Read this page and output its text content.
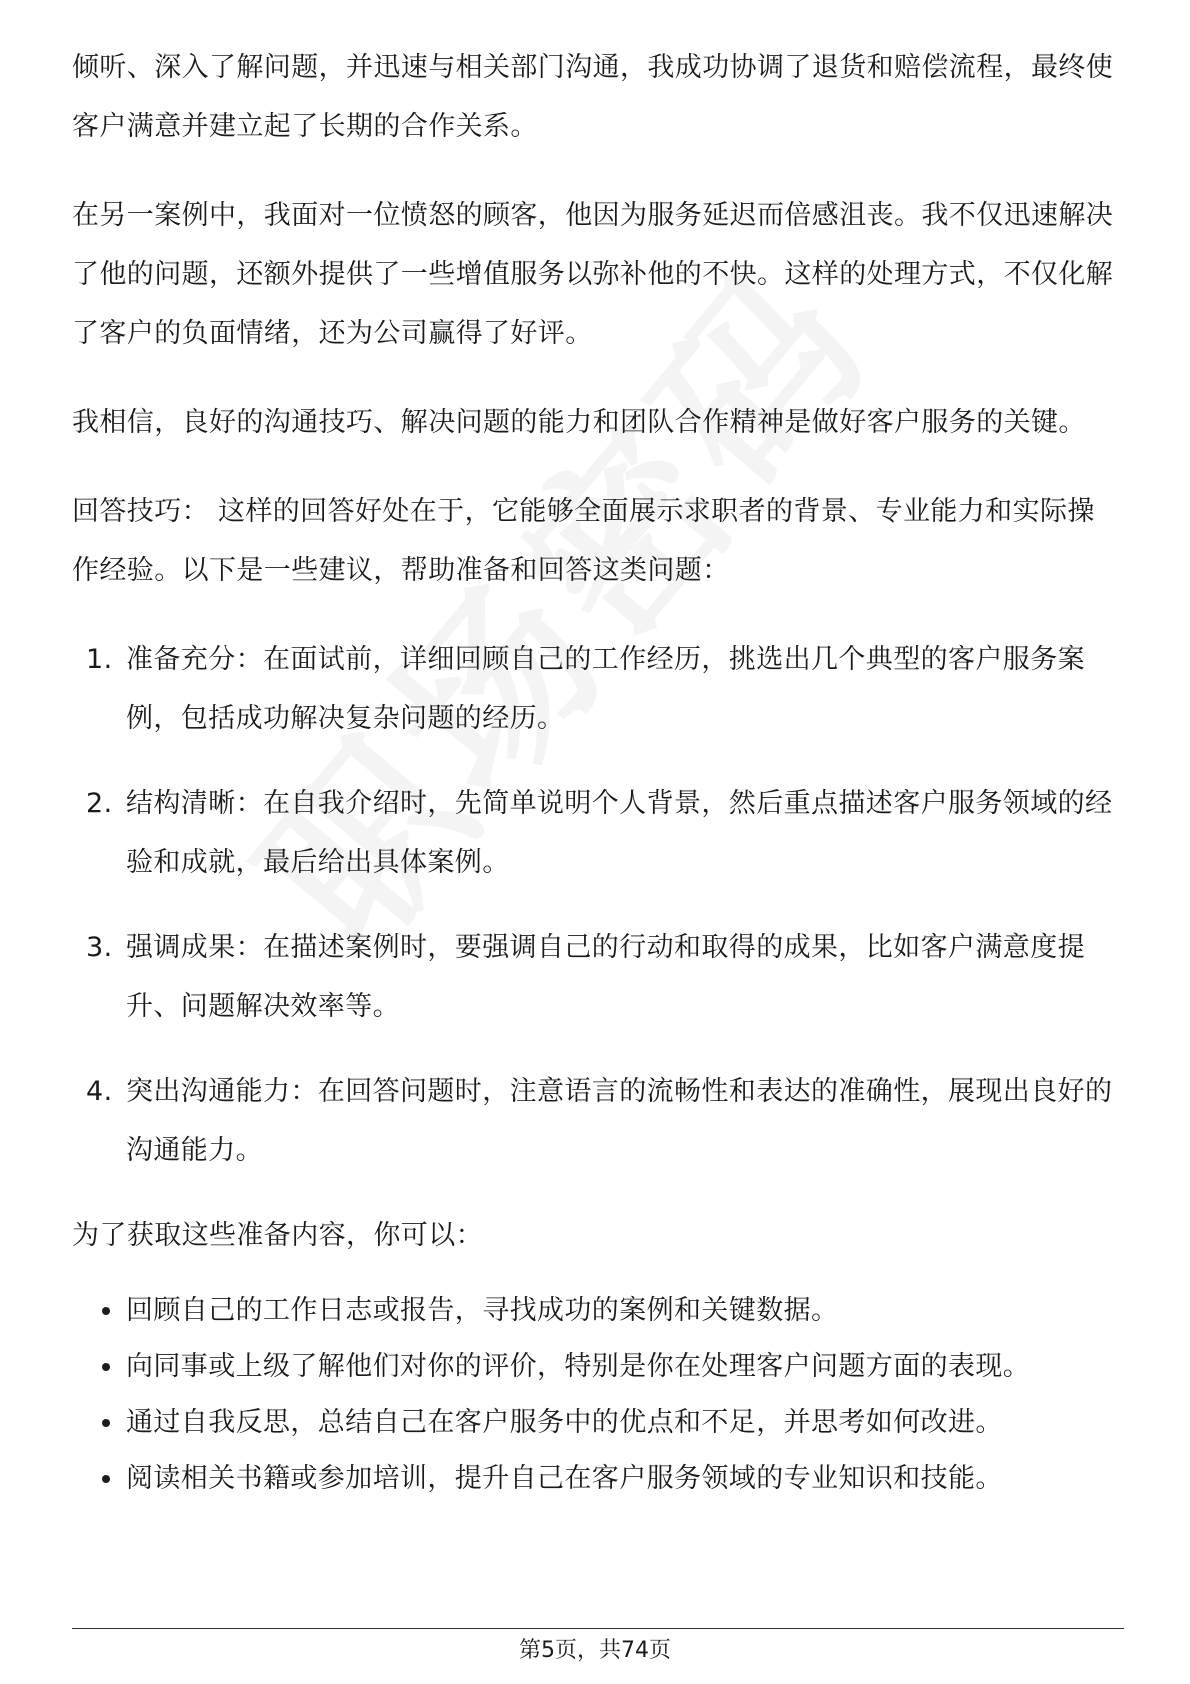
倾听、深入了解问题，并迅速与相关部门沟通，我成功协调了退货和赔偿流程，最终使客户满意并建立起了长期的合作关系。

在另一案例中，我面对一位愤怒的顾客，他因为服务延迟而倍感沮丧。我不仅迅速解决了他的问题，还额外提供了一些增值服务以弥补他的不快。这样的处理方式，不仅化解了客户的负面情绪，还为公司赢得了好评。

我相信，良好的沟通技巧、解决问题的能力和团队合作精神是做好客户服务的关键。

回答技巧： 这样的回答好处在于，它能够全面展示求职者的背景、专业能力和实际操作经验。以下是一些建议，帮助准备和回答这类问题：

1. 准备充分：在面试前，详细回顾自己的工作经历，挑选出几个典型的客户服务案例，包括成功解决复杂问题的经历。
2. 结构清晰：在自我介绍时，先简单说明个人背景，然后重点描述客户服务领域的经验和成就，最后给出具体案例。
3. 强调成果：在描述案例时，要强调自己的行动和取得的成果，比如客户满意度提升、问题解决效率等。
4. 突出沟通能力：在回答问题时，注意语言的流畅性和表达的准确性，展现出良好的沟通能力。

为了获取这些准备内容，你可以：

回顾自己的工作日志或报告，寻找成功的案例和关键数据。
向同事或上级了解他们对你的评价，特别是你在处理客户问题方面的表现。
通过自我反思，总结自己在客户服务中的优点和不足，并思考如何改进。
阅读相关书籍或参加培训，提升自己在客户服务领域的专业知识和技能。
第5页，共74页
